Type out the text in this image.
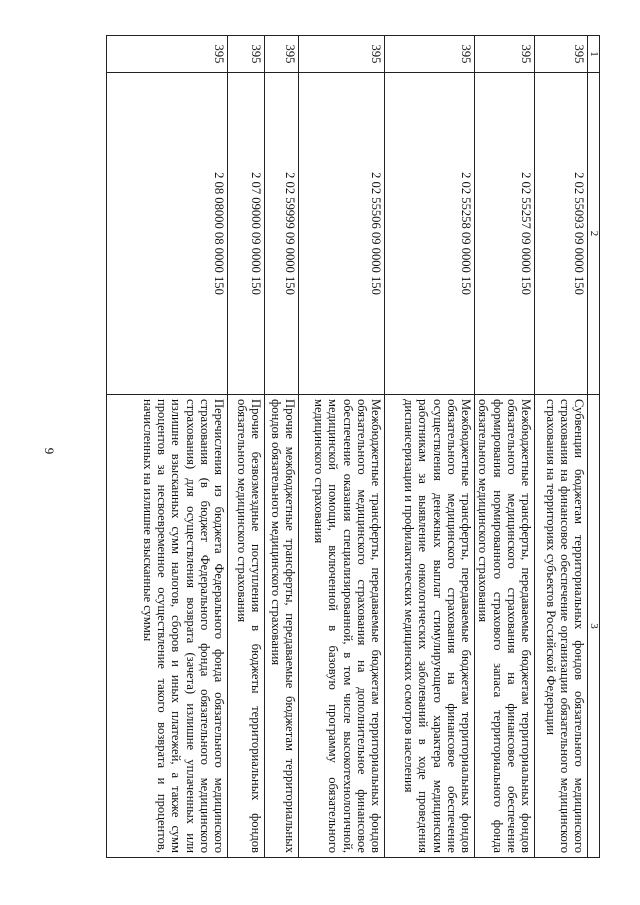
9
1	2	3
395	2 02 55093 09 0000 150	Субвенции бюджетам территориальных фондов обязательного медицинского страхования на финансовое обеспечение организации обязательного медицинского страхования на территориях субъектов Российской Федерации
395	2 02 55257 09 0000 150	Межбюджетные трансферты, передаваемые бюджетам территориальных фондов обязательного медицинского страхования на финансовое обеспечение формирования нормированного страхового запаса территориального фонда обязательного медицинского страхования
395	2 02 55258 09 0000 150	Межбюджетные трансферты, передаваемые бюджетам территориальных фондов обязательного медицинского страхования на финансовое обеспечение осуществления денежных выплат стимулирующего характера медицинским работникам за выявление онкологических заболеваний в ходе проведения диспансеризации и профилактических медицинских осмотров населения
395	2 02 55506 09 0000 150	Межбюджетные трансферты, передаваемые бюджетам территориальных фондов обязательного медицинского страхования на дополнительное финансовое обеспечение оказания специализированной, в том числе высокотехнологичной, медицинской помощи, включенной в базовую программу обязательного медицинского страхования
395	2 02 59999 09 0000 150	Прочие межбюджетные трансферты, передаваемые бюджетам территориальных фондов обязательного медицинского страхования
395	2 07 09000 09 0000 150	Прочие безвозмездные поступления в бюджеты территориальных фондов обязательного медицинского страхования
395	2 08 08000 08 0000 150	Перечисления из бюджета Федерального фонда обязательного медицинского страхования (в бюджет Федерального фонда обязательного медицинского страхования) для осуществления возврата (зачета) излишне уплаченных или излишне взысканных сумм налогов, сборов и иных платежей, а также сумм процентов за несвоевременное осуществление такого возврата и процентов, начисленных на излишне взысканные суммы
